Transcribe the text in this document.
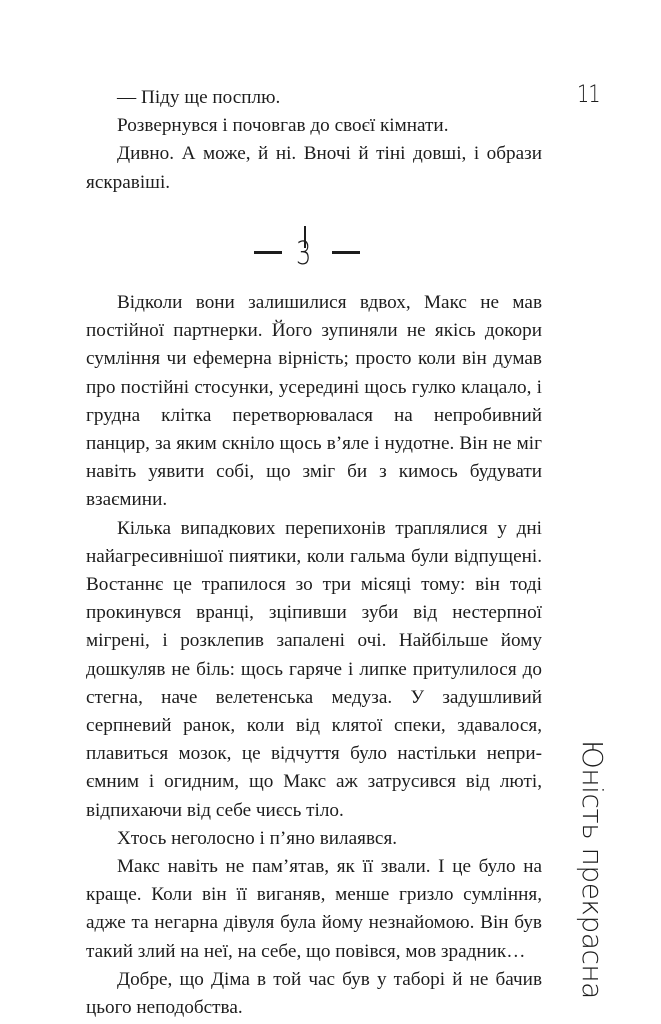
11

— Піду ще посплю.

Розвернувся і почовгав до своєї кімнати.

Дивно. А може, й ні. Вночі й тіні довші, і образи яскравіші.

3

Відколи вони залишилися вдвох, Макс не мав постійної партнерки. Його зупиняли не якісь докори сумління чи ефемерна вірність; просто коли він думав про постійні стосунки, усередині щось гулко клацало, і грудна клітка перетворювалася на непробивний панцир, за яким скніло щось в’яле і нудотне. Він не міг навіть уявити собі, що зміг би з кимось будувати взаємини.

Кілька випадкових перепихонів траплялися у дні найагресивнішої пиятики, коли гальма були відпущені. Востаннє це трапилося зо три місяці тому: він тоді прокинувся вранці, зціпивши зуби від нестерпної мігрені, і розклепив запалені очі. Найбільше йому дошкуляв не біль: щось гаряче і липке притулилося до стегна, наче велетенська медуза. У задушливий серпневий ранок, коли від клятої спеки, здавалося, плавиться мозок, це відчуття було настільки неприємним і огидним, що Макс аж затрусився від люті, відпихаючи від себе чиєсь тіло.

Хтось неголосно і п’яно вилаявся.

Макс навіть не пам’ятав, як її звали. І це було на краще. Коли він її виганяв, менше гризло сумління, адже та негарна дівуля була йому незнайомою. Він був такий злий на неї, на себе, що повівся, мов зрадник…

Добре, що Діма в той час був у таборі й не бачив цього неподобства.

Юність прекрасна
